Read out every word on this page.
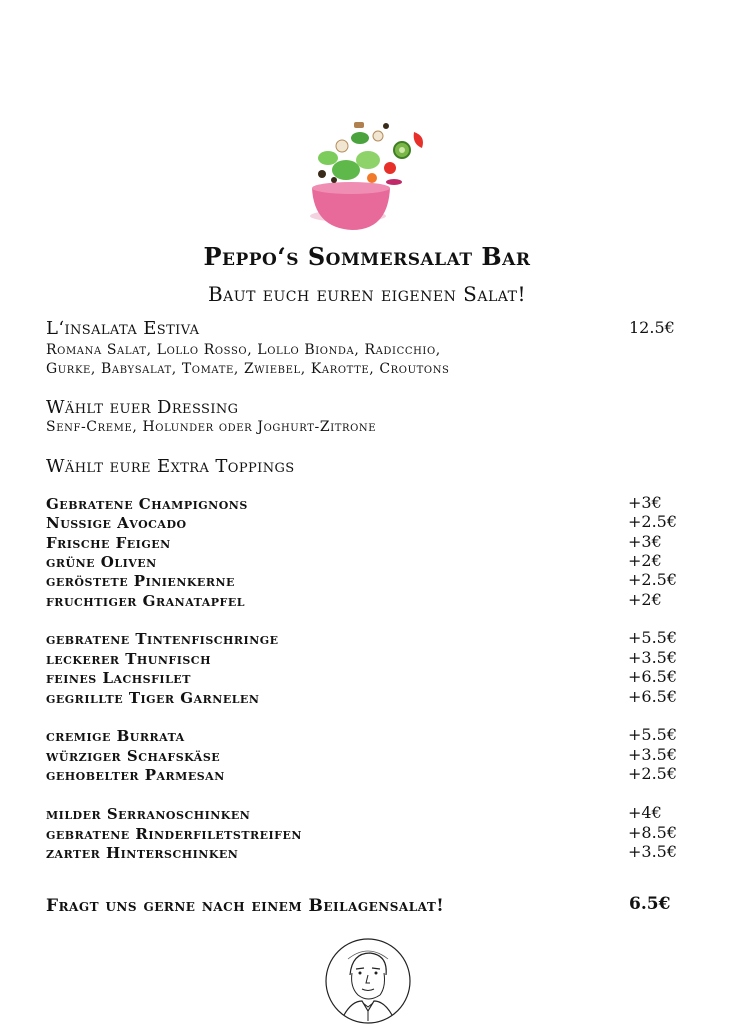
Peppo‘s Sommersalat Bar
Baut euch euren eigenen Salat!
L‘insalata Estiva	12.5€
Romana Salat, Lollo Rosso, Lollo Bionda, Radicchio,
Gurke, Babysalat, Tomate, Zwiebel, Karotte, Croutons
Wählt euer Dressing
Senf-Creme, Holunder oder Joghurt-Zitrone
Wählt eure Extra Toppings
Gebratene Champignons	+3€
Nussige Avocado	+2.5€
Frische Feigen	+3€
grüne Oliven	+2€
geröstete Pinienkerne	+2.5€
fruchtiger Granatapfel	+2€
gebratene Tintenfischringe	+5.5€
leckerer Thunfisch	+3.5€
feines Lachsfilet	+6.5€
gegrillte Tiger Garnelen	+6.5€
cremige Burrata	+5.5€
würziger Schafskäse	+3.5€
gehobelter Parmesan	+2.5€
milder Serranoschinken	+4€
gebratene Rinderfiletstreifen	+8.5€
zarter Hinterschinken	+3.5€
Fragt uns gerne nach einem Beilagensalat!	6.5€
